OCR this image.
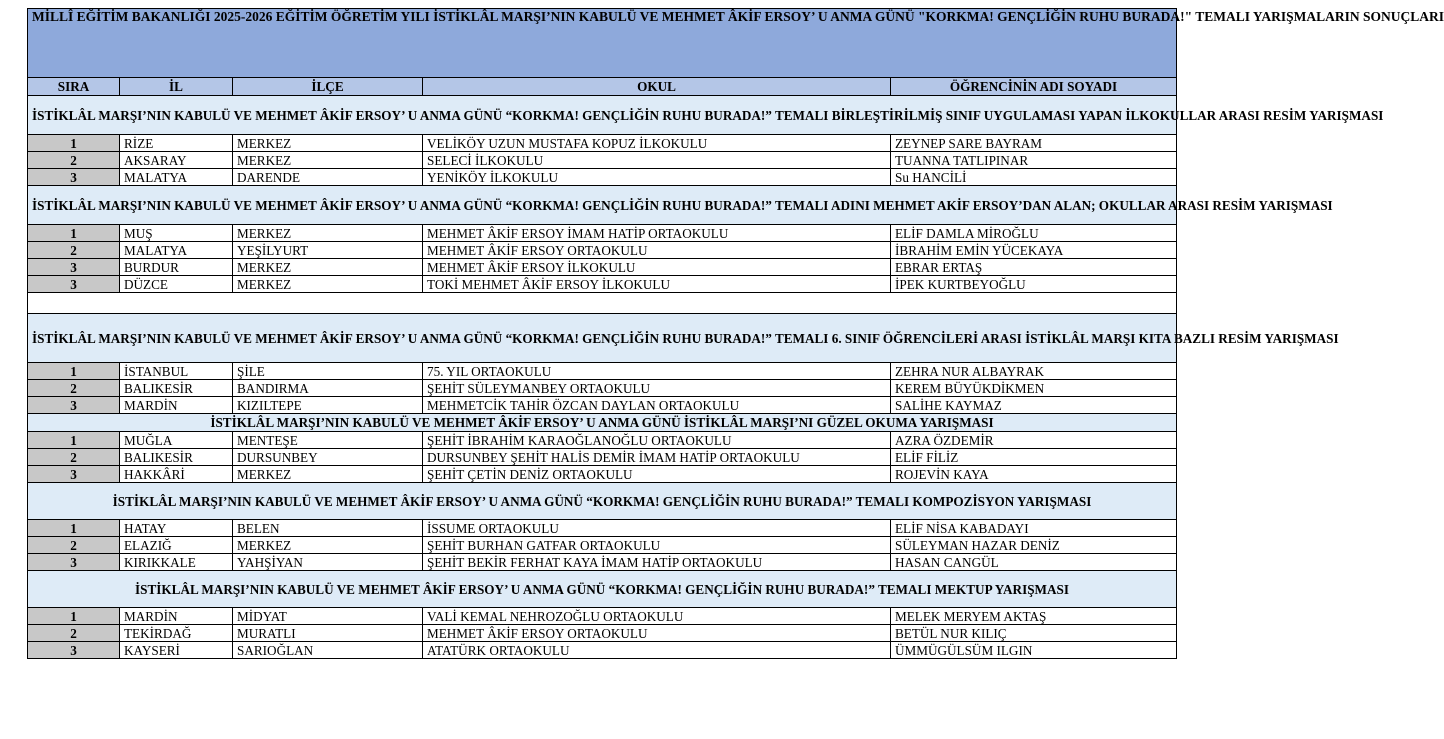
MİLLÎ EĞİTİM BAKANLIĞI 2025-2026 EĞİTİM ÖĞRETİM YILI İSTİKLÂL MARŞI’NIN KABULÜ VE MEHMET ÂKİF ERSOY’ U ANMA GÜNÜ "KORKMA! GENÇLİĞİN RUHU BURADA!" TEMALI YARIŞMALARIN SONUÇLARI				
SIRA	İL	İLÇE	OKUL	ÖĞRENCİNİN ADI SOYADI
İSTİKLÂL MARŞI’NIN KABULÜ VE MEHMET ÂKİF ERSOY’ U ANMA GÜNÜ “KORKMA! GENÇLİĞİN RUHU BURADA!” TEMALI BİRLEŞTİRİLMİŞ SINIF UYGULAMASI YAPAN İLKOKULLAR ARASI RESİM YARIŞMASI				
1	RİZE	MERKEZ	VELİKÖY UZUN MUSTAFA KOPUZ İLKOKULU	ZEYNEP SARE BAYRAM
2	AKSARAY	MERKEZ	SELECİ İLKOKULU	TUANNA TATLIPINAR
3	MALATYA	DARENDE	YENİKÖY İLKOKULU	Su HANCİLİ
İSTİKLÂL MARŞI’NIN KABULÜ VE MEHMET ÂKİF ERSOY’ U ANMA GÜNÜ “KORKMA! GENÇLİĞİN RUHU BURADA!” TEMALI ADINI MEHMET AKİF ERSOY’DAN ALAN; OKULLAR ARASI RESİM YARIŞMASI				
1	MUŞ	MERKEZ	MEHMET ÂKİF ERSOY İMAM HATİP ORTAOKULU	ELİF DAMLA MİROĞLU
2	MALATYA	YEŞİLYURT	MEHMET ÂKİF ERSOY ORTAOKULU	İBRAHİM EMİN YÜCEKAYA
3	BURDUR	MERKEZ	MEHMET ÂKİF ERSOY İLKOKULU	EBRAR ERTAŞ
3	DÜZCE	MERKEZ	TOKİ MEHMET ÂKİF ERSOY İLKOKULU	İPEK KURTBEYOĞLU

İSTİKLÂL MARŞI’NIN KABULÜ VE MEHMET ÂKİF ERSOY’ U ANMA GÜNÜ “KORKMA! GENÇLİĞİN RUHU BURADA!” TEMALI 6. SINIF ÖĞRENCİLERİ ARASI İSTİKLÂL MARŞI KITA BAZLI RESİM YARIŞMASI				
1	İSTANBUL	ŞİLE	75. YIL ORTAOKULU	ZEHRA NUR ALBAYRAK
2	BALIKESİR	BANDIRMA	ŞEHİT SÜLEYMANBEY ORTAOKULU	KEREM BÜYÜKDİKMEN
3	MARDİN	KIZILTEPE	MEHMETCİK TAHİR ÖZCAN DAYLAN ORTAOKULU	SALİHE KAYMAZ
İSTİKLÂL MARŞI’NIN KABULÜ VE MEHMET ÂKİF ERSOY’ U ANMA GÜNÜ İSTİKLÂL MARŞI’NI GÜZEL OKUMA YARIŞMASI				
1	MUĞLA	MENTEŞE	ŞEHİT İBRAHİM KARAOĞLANOĞLU ORTAOKULU	AZRA ÖZDEMİR
2	BALIKESİR	DURSUNBEY	DURSUNBEY ŞEHİT HALİS DEMİR İMAM HATİP ORTAOKULU	ELİF FİLİZ
3	HAKKÂRİ	MERKEZ	ŞEHİT ÇETİN DENİZ ORTAOKULU	ROJEVİN KAYA
İSTİKLÂL MARŞI’NIN KABULÜ VE MEHMET ÂKİF ERSOY’ U ANMA GÜNÜ “KORKMA! GENÇLİĞİN RUHU BURADA!” TEMALI KOMPOZİSYON YARIŞMASI				
1	HATAY	BELEN	İSSUME ORTAOKULU	ELİF NİSA KABADAYI
2	ELAZIĞ	MERKEZ	ŞEHİT BURHAN GATFAR ORTAOKULU	SÜLEYMAN HAZAR DENİZ
3	KIRIKKALE	YAHŞİYAN	ŞEHİT BEKİR FERHAT KAYA İMAM HATİP ORTAOKULU	HASAN CANGÜL
İSTİKLÂL MARŞI’NIN KABULÜ VE MEHMET ÂKİF ERSOY’ U ANMA GÜNÜ “KORKMA! GENÇLİĞİN RUHU BURADA!” TEMALI MEKTUP YARIŞMASI				
1	MARDİN	MİDYAT	VALİ KEMAL NEHROZOĞLU ORTAOKULU	MELEK MERYEM AKTAŞ
2	TEKİRDAĞ	MURATLI	MEHMET ÂKİF ERSOY ORTAOKULU	BETÜL NUR KILIÇ
3	KAYSERİ	SARIOĞLAN	ATATÜRK ORTAOKULU	ÜMMÜGÜLSÜM ILGIN
